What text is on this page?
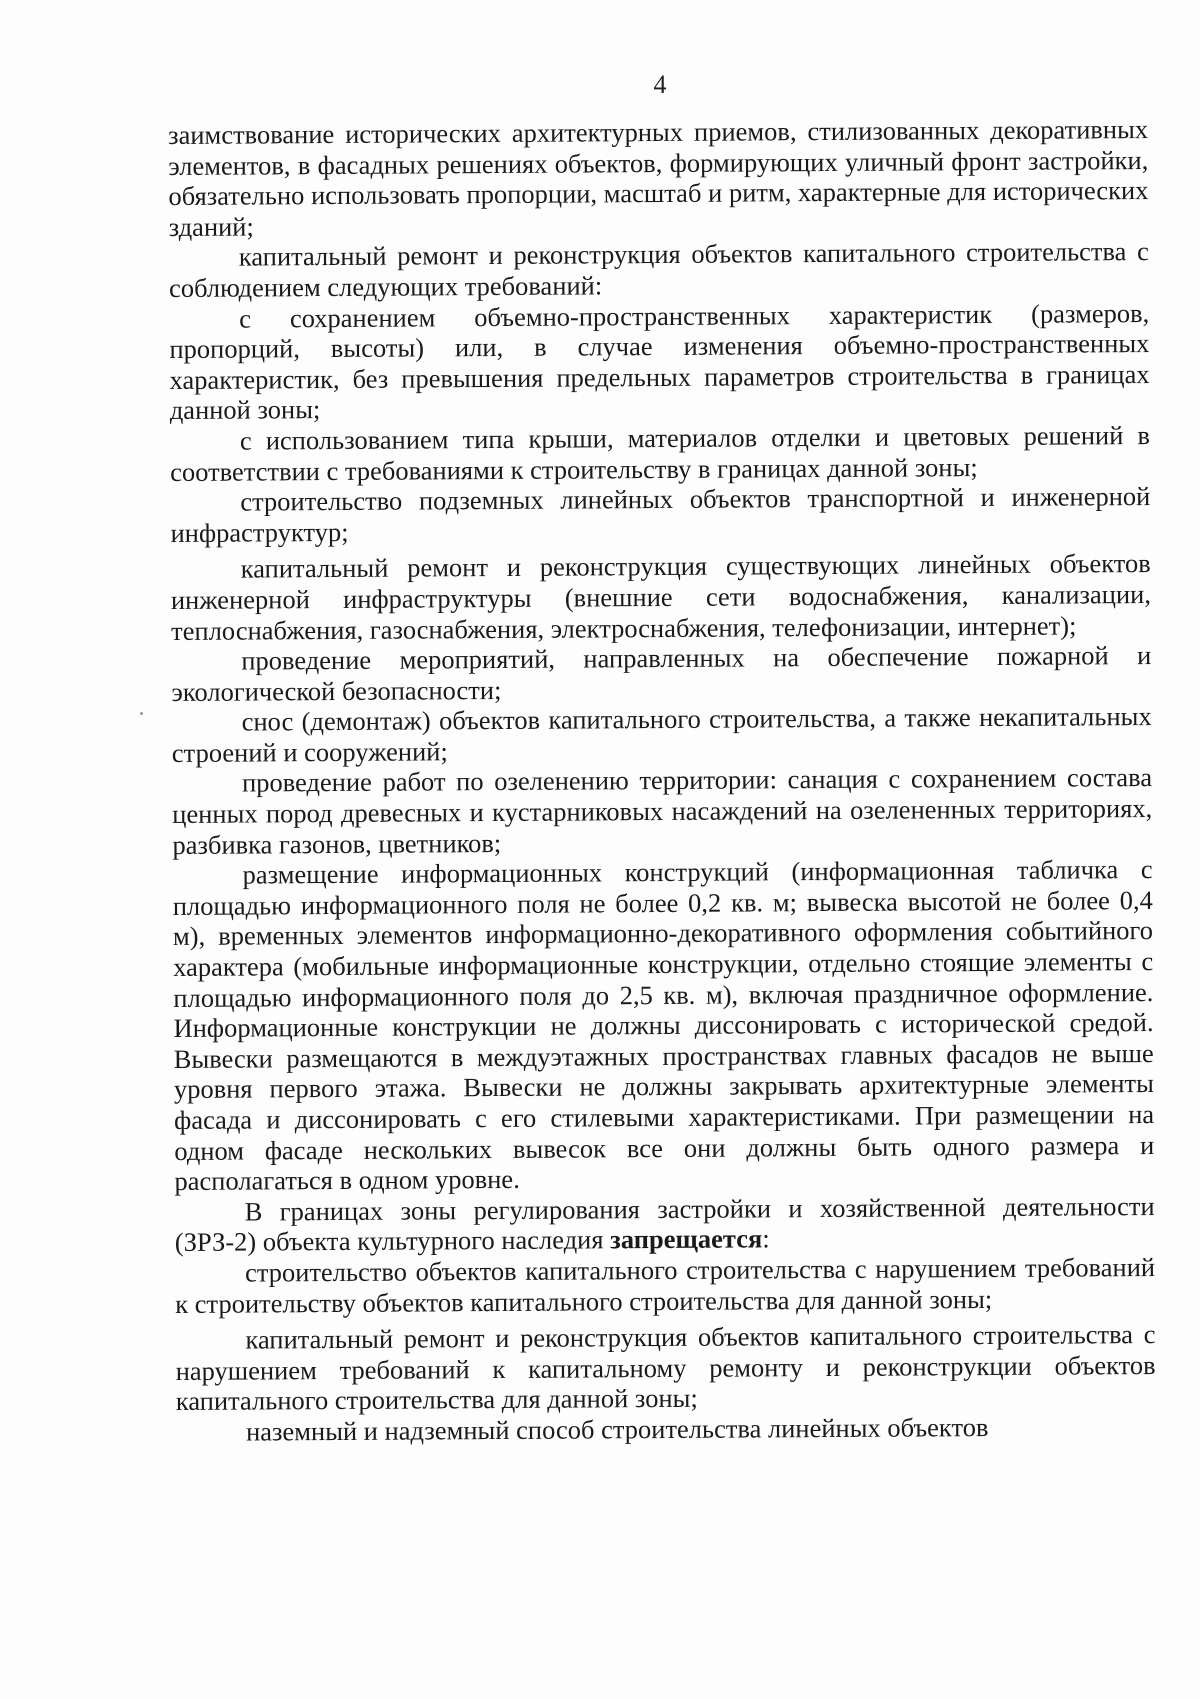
4

заимствование исторических архитектурных приемов, стилизованных декоративных элементов, в фасадных решениях объектов, формирующих уличный фронт застройки, обязательно использовать пропорции, масштаб и ритм, характерные для исторических зданий;

капитальный ремонт и реконструкция объектов капитального строительства с соблюдением следующих требований:

с сохранением объемно-пространственных характеристик (размеров, пропорций, высоты) или, в случае изменения объемно-пространственных характеристик, без превышения предельных параметров строительства в границах данной зоны;

с использованием типа крыши, материалов отделки и цветовых решений в соответствии с требованиями к строительству в границах данной зоны;

строительство подземных линейных объектов транспортной и инженерной инфраструктур;

капитальный ремонт и реконструкция существующих линейных объектов инженерной инфраструктуры (внешние сети водоснабжения, канализации, теплоснабжения, газоснабжения, электроснабжения, телефонизации, интернет);

проведение мероприятий, направленных на обеспечение пожарной и экологической безопасности;

снос (демонтаж) объектов капитального строительства, а также некапитальных строений и сооружений;

проведение работ по озеленению территории: санация с сохранением состава ценных пород древесных и кустарниковых насаждений на озелененных территориях, разбивка газонов, цветников;

размещение информационных конструкций (информационная табличка с площадью информационного поля не более 0,2 кв. м; вывеска высотой не более 0,4 м), временных элементов информационно-декоративного оформления событийного характера (мобильные информационные конструкции, отдельно стоящие элементы с площадью информационного поля до 2,5 кв. м), включая праздничное оформление. Информационные конструкции не должны диссонировать с исторической средой. Вывески размещаются в междуэтажных пространствах главных фасадов не выше уровня первого этажа. Вывески не должны закрывать архитектурные элементы фасада и диссонировать с его стилевыми характеристиками. При размещении на одном фасаде нескольких вывесок все они должны быть одного размера и располагаться в одном уровне.

В границах зоны регулирования застройки и хозяйственной деятельности (ЗРЗ-2) объекта культурного наследия запрещается:

строительство объектов капитального строительства с нарушением требований к строительству объектов капитального строительства для данной зоны;

капитальный ремонт и реконструкция объектов капитального строительства с нарушением требований к капитальному ремонту и реконструкции объектов капитального строительства для данной зоны;

наземный и надземный способ строительства линейных объектов
